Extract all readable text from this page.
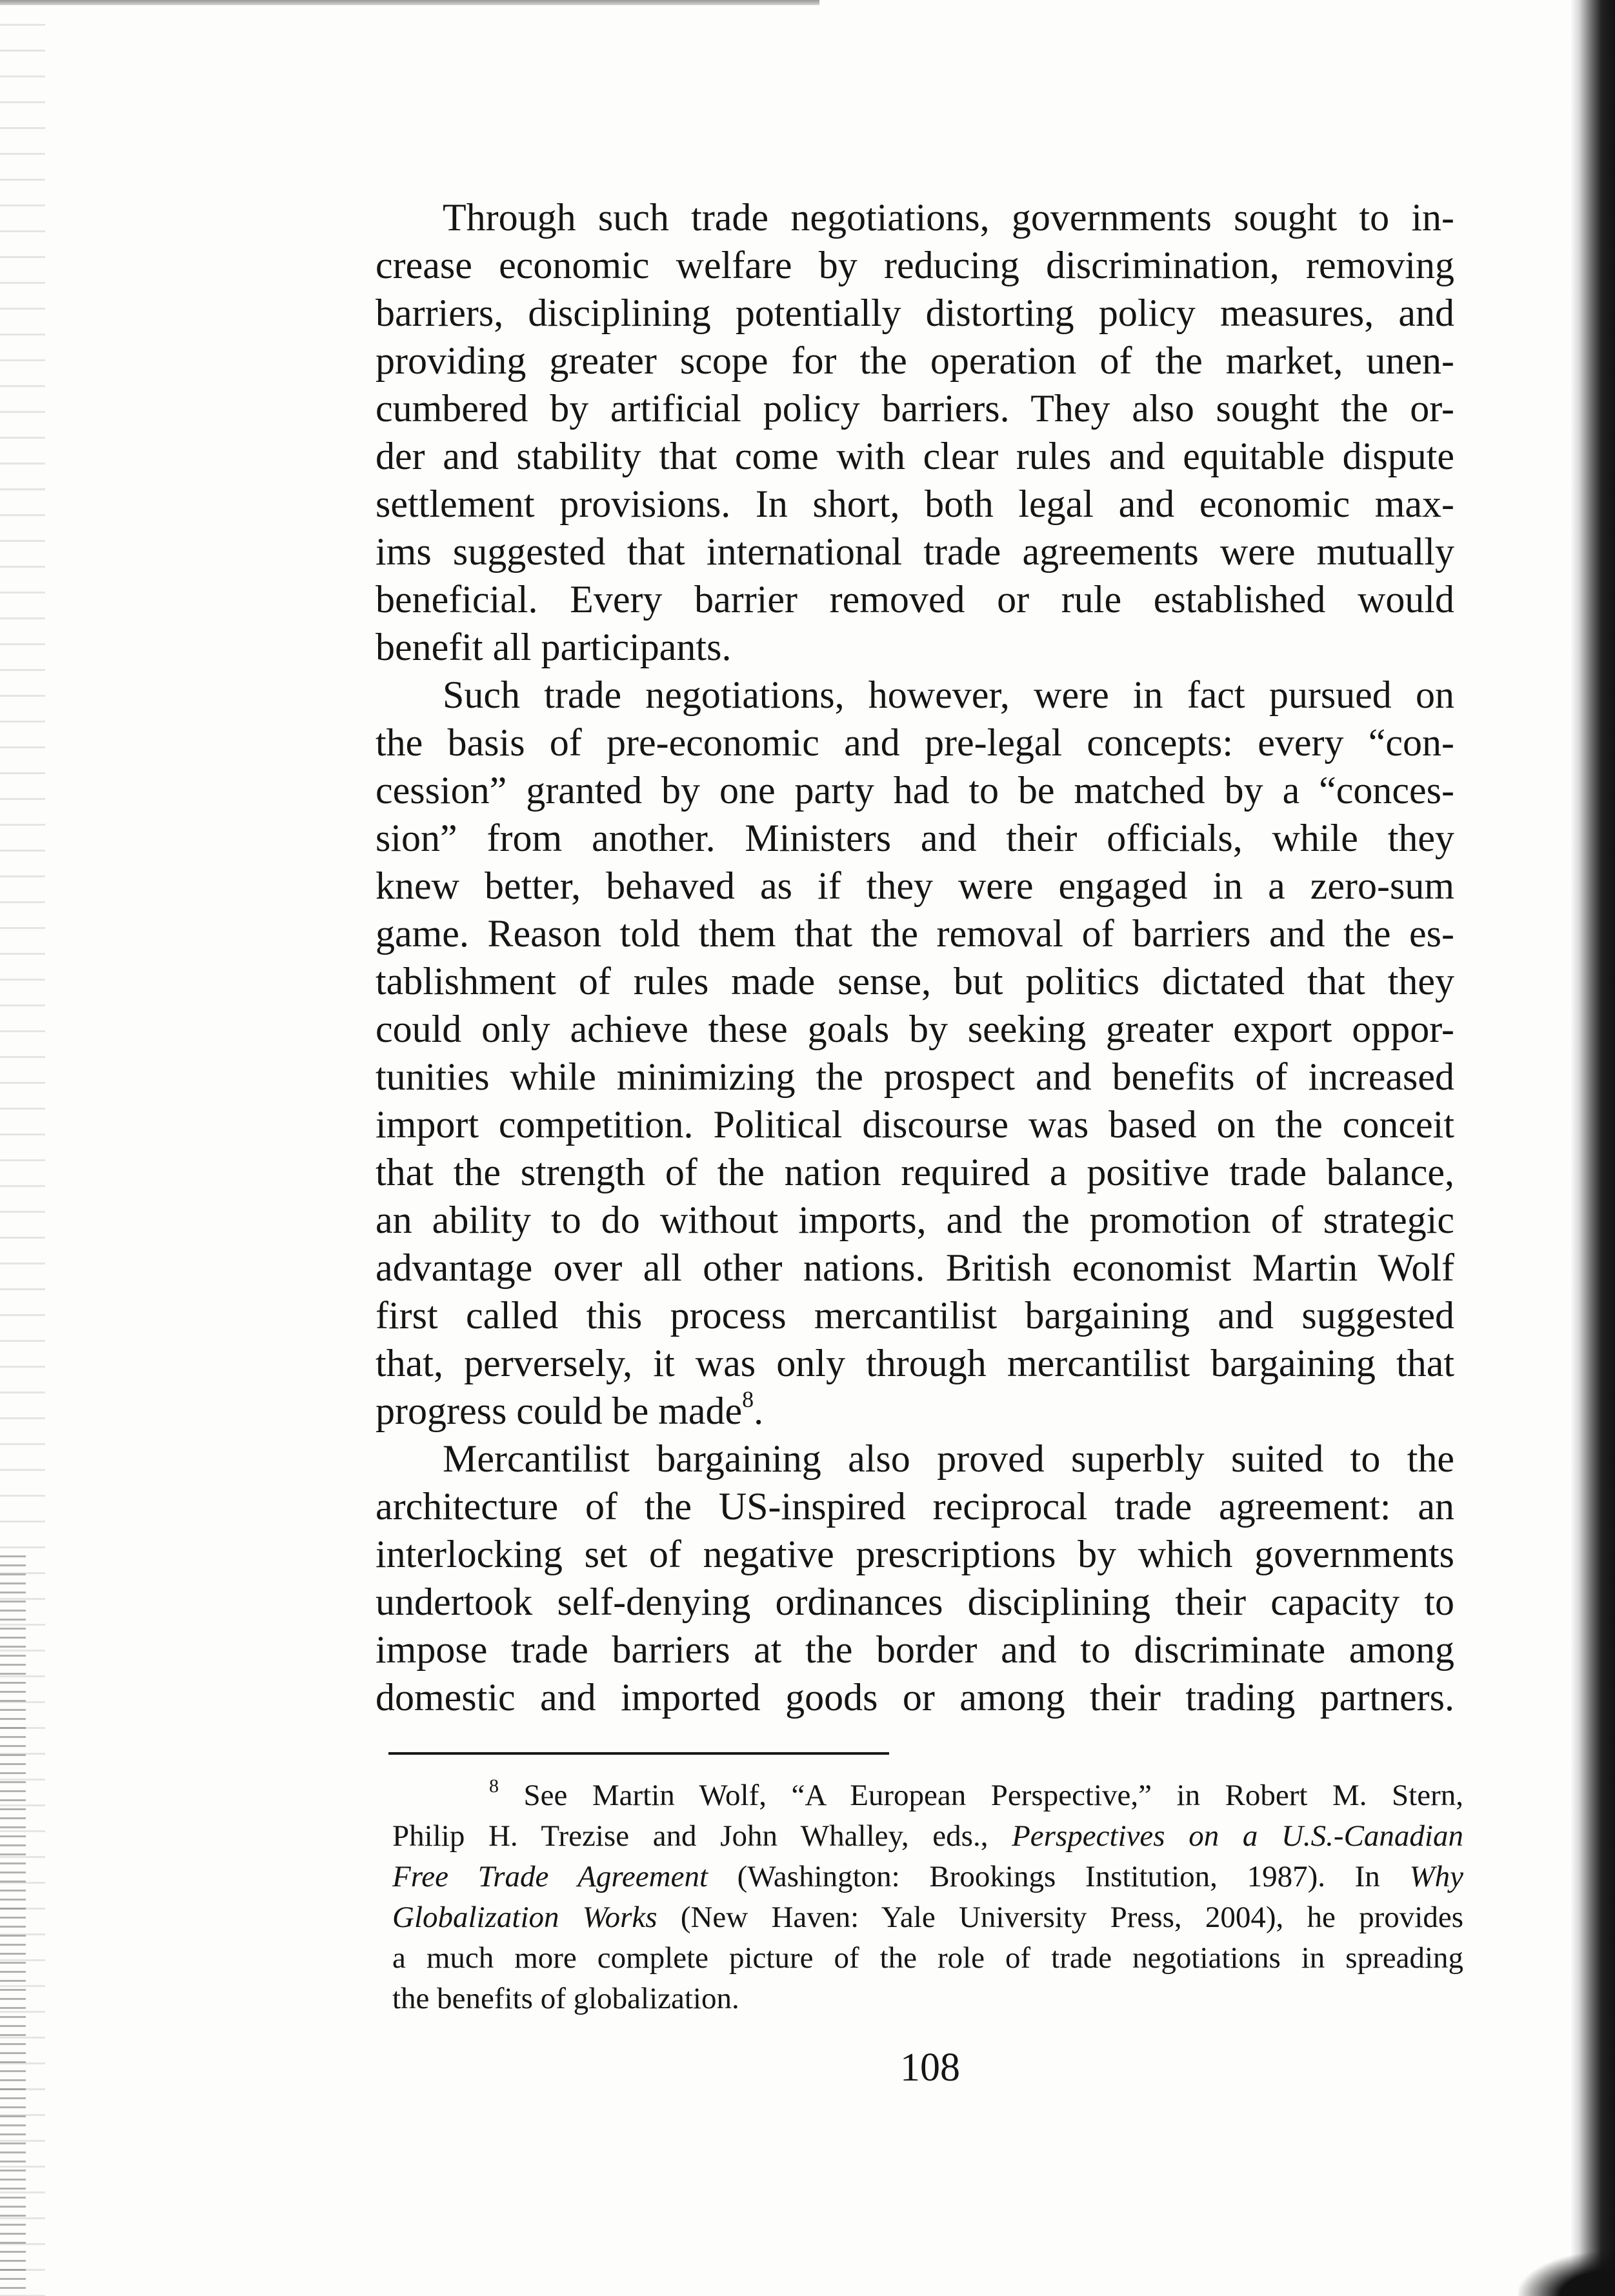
Through such trade negotiations, governments sought to in-
crease economic welfare by reducing discrimination, removing
barriers, disciplining potentially distorting policy measures, and
providing greater scope for the operation of the market, unen-
cumbered by artificial policy barriers. They also sought the or-
der and stability that come with clear rules and equitable dispute
settlement provisions. In short, both legal and economic max-
ims suggested that international trade agreements were mutually
beneficial. Every barrier removed or rule established would
benefit all participants.
Such trade negotiations, however, were in fact pursued on
the basis of pre-economic and pre-legal concepts: every “con-
cession” granted by one party had to be matched by a “conces-
sion” from another. Ministers and their officials, while they
knew better, behaved as if they were engaged in a zero-sum
game. Reason told them that the removal of barriers and the es-
tablishment of rules made sense, but politics dictated that they
could only achieve these goals by seeking greater export oppor-
tunities while minimizing the prospect and benefits of increased
import competition. Political discourse was based on the conceit
that the strength of the nation required a positive trade balance,
an ability to do without imports, and the promotion of strategic
advantage over all other nations. British economist Martin Wolf
first called this process mercantilist bargaining and suggested
that, perversely, it was only through mercantilist bargaining that
progress could be made$^8$.
Mercantilist bargaining also proved superbly suited to the
architecture of the US-inspired reciprocal trade agreement: an
interlocking set of negative prescriptions by which governments
undertook self-denying ordinances disciplining their capacity to
impose trade barriers at the border and to discriminate among
domestic and imported goods or among their trading partners.
$^8$ See Martin Wolf, “A European Perspective,” in Robert M. Stern,
Philip H. Trezise and John Whalley, eds., Perspectives on a U.S.-Canadian
Free Trade Agreement (Washington: Brookings Institution, 1987). In Why
Globalization Works (New Haven: Yale University Press, 2004), he provides
a much more complete picture of the role of trade negotiations in spreading
the benefits of globalization.
108
